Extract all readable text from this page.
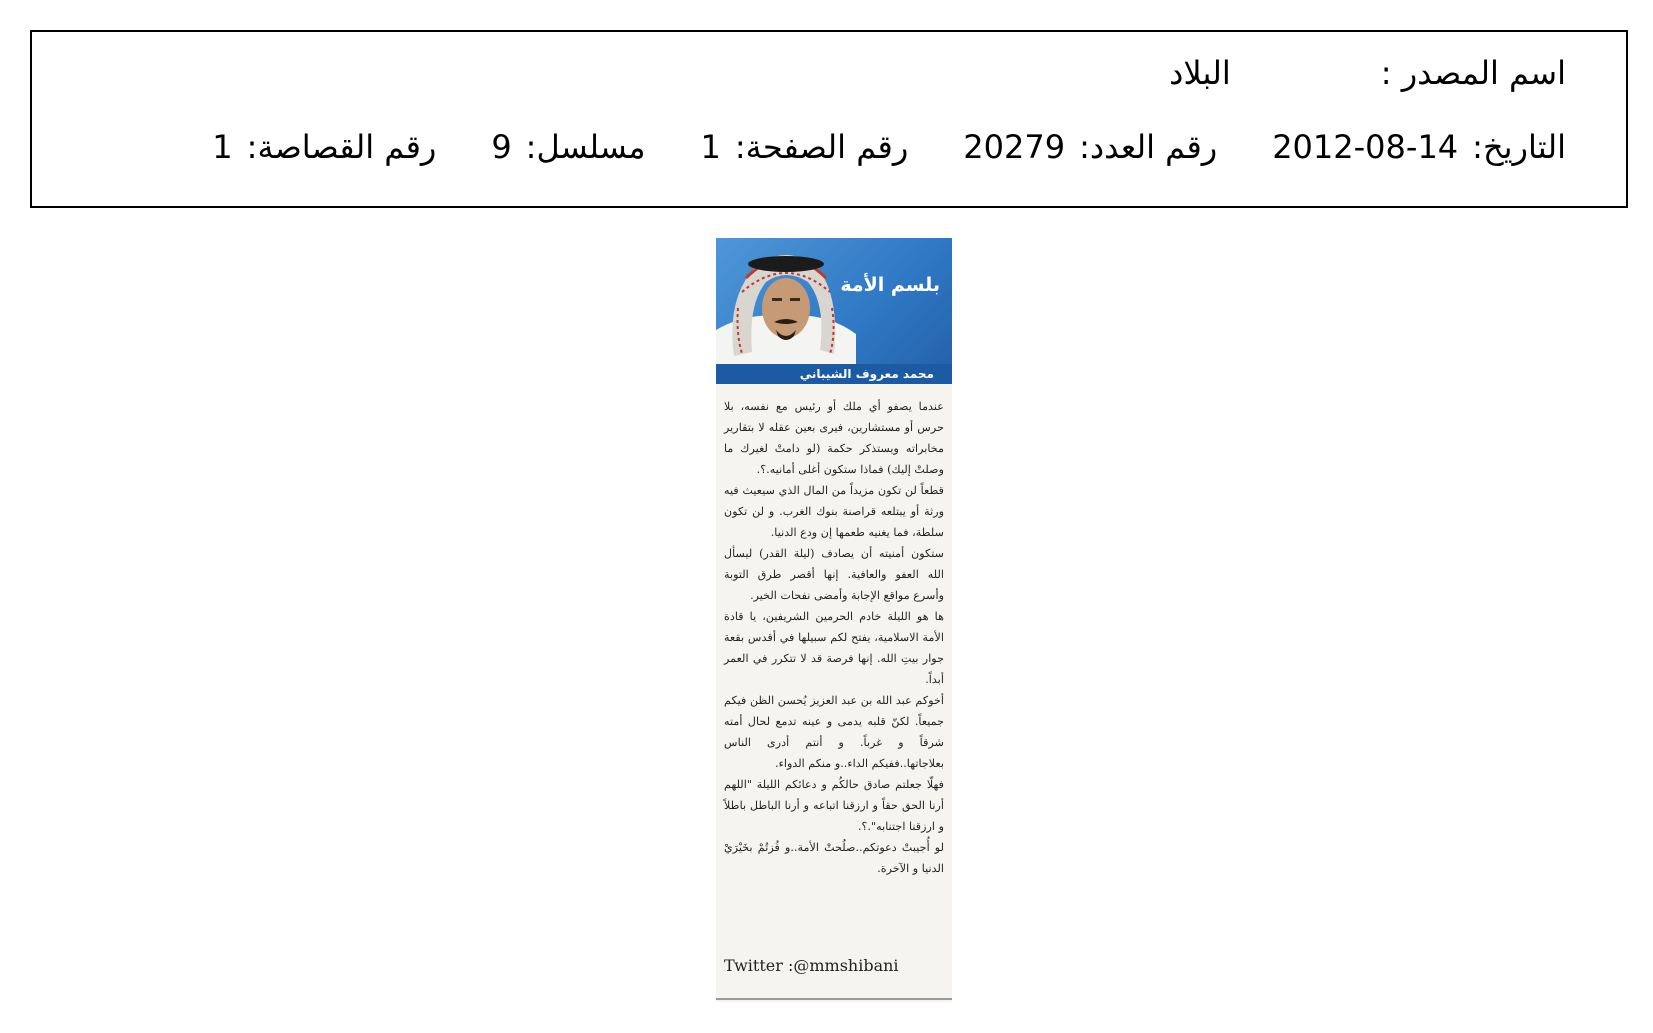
اسم المصدر :
البلاد
التاريخ:
2012-08-14
رقم العدد:
20279
رقم الصفحة:
1
مسلسل:
9
رقم القصاصة:
1
بلسم الأمة
محمد معروف الشيباني

عندما يصفو أي ملك أو رئيس مع نفسه، بلا حرس أو مستشارين، فيرى بعين عقله لا بتقارير مخابراته ويستذكر حكمة (لو دامتْ لغيرك ما وصلتْ إليك) فماذا ستكون أغلى أمانيه.؟.

قطعاً لن تكون مزيداً من المال الذي سيعيث فيه ورثة أو يبتلعه قراصنة بنوك الغرب. و لن تكون سلطة، فما يغنيه طعمها إن ودع الدنيا.

ستكون أمنيته أن يصادف (ليلة القدر) ليسأل الله العفو والعافية. إنها أقصر طرق التوبة وأسرع مواقع الإجابة وأمضى نفحات الخير.

ها هو الليلة خادم الحرمين الشريفين، يا قادة الأمة الاسلامية، يفتح لكم سبيلها في أقدس بقعة جوار بيتِ الله. إنها فرصة قد لا تتكرر في العمر أبداً.

أخوكم عبد الله بن عبد العزيز يُحسن الظن فيكم جميعاً. لكنّ قلبه يدمى و عينه تدمع لحال أمته شرقاً و غرباً. و أنتم أدرى الناس بعلاجاتها..ففيكم الداء..و منكم الدواء.

فهلّا جعلتم صادق حالكُم و دعائكم الليلة "اللهم أرنا الحق حقاً و ارزقنا اتباعه و أرنا الباطل باطلاً و ارزقنا اجتنابه".؟.

لو أُجيبتْ دعوتكم..صلُحتْ الأمة..و فُزتُمْ بخَيْرَيْ الدنيا و الآخرة.

Twitter :@mmshibani
